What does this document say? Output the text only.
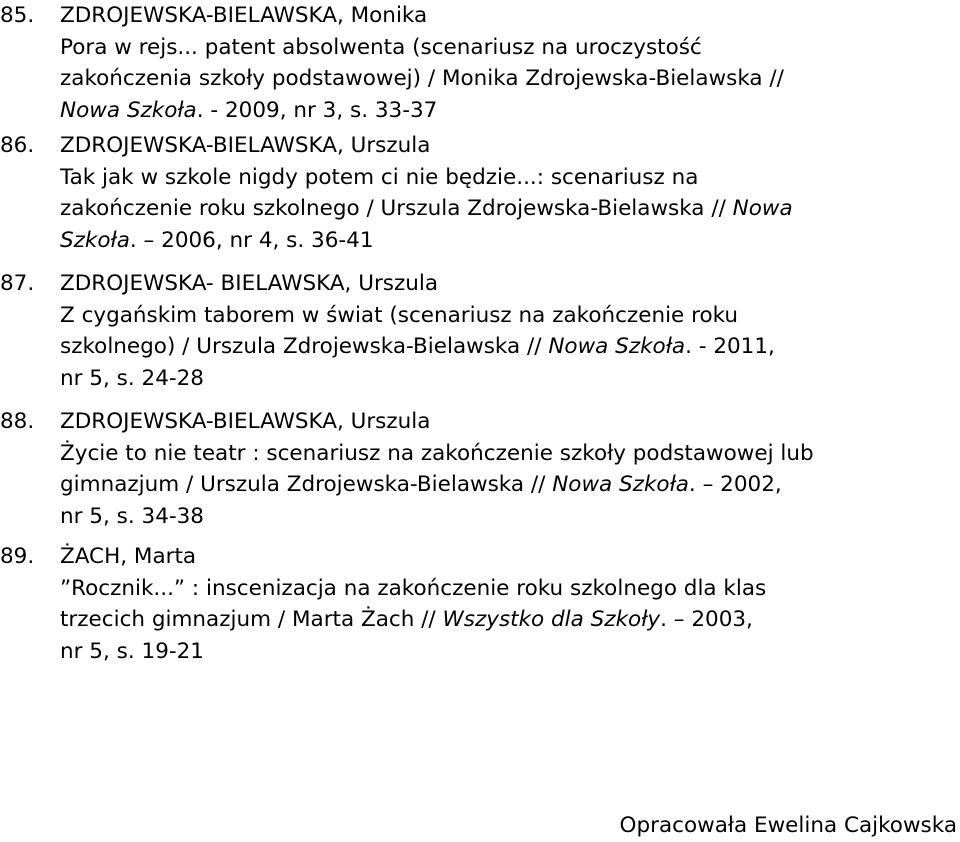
85. ZDROJEWSKA-BIELAWSKA, Monika
Pora w rejs... patent absolwenta (scenariusz na uroczystość
zakończenia szkoły podstawowej) / Monika Zdrojewska-Bielawska //
Nowa Szkoła. - 2009, nr 3, s. 33-37
86. ZDROJEWSKA-BIELAWSKA, Urszula
Tak jak w szkole nigdy potem ci nie będzie...: scenariusz na
zakończenie roku szkolnego / Urszula Zdrojewska-Bielawska // Nowa
Szkoła. – 2006, nr 4, s. 36-41
87. ZDROJEWSKA- BIELAWSKA, Urszula
Z cygańskim taborem w świat (scenariusz na zakończenie roku
szkolnego) / Urszula Zdrojewska-Bielawska // Nowa Szkoła. - 2011,
nr 5, s. 24-28
88. ZDROJEWSKA-BIELAWSKA, Urszula
Życie to nie teatr : scenariusz na zakończenie szkoły podstawowej lub
gimnazjum / Urszula Zdrojewska-Bielawska // Nowa Szkoła. – 2002,
nr 5, s. 34-38
89. ŻACH, Marta
”Rocznik...” : inscenizacja na zakończenie roku szkolnego dla klas
trzecich gimnazjum / Marta Żach // Wszystko dla Szkoły. – 2003,
nr 5, s. 19-21
Opracowała Ewelina Cajkowska
